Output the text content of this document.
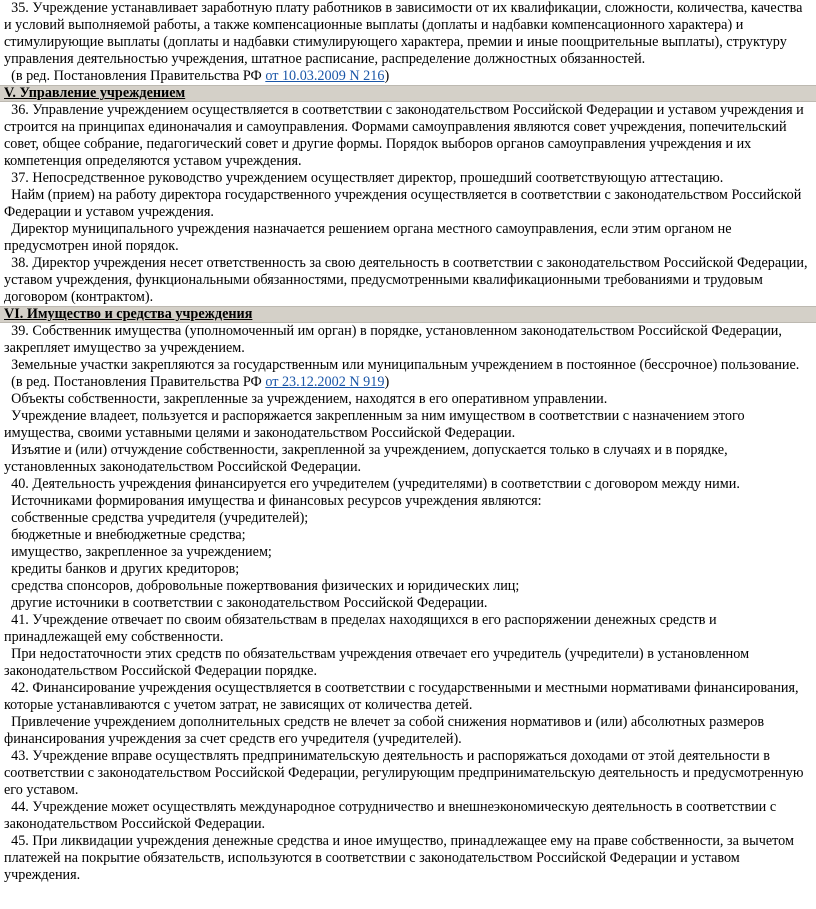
35. Учреждение устанавливает заработную плату работников в зависимости от их квалификации, сложности, количества, качества и условий выполняемой работы, а также компенсационные выплаты (доплаты и надбавки компенсационного характера) и стимулирующие выплаты (доплаты и надбавки стимулирующего характера, премии и иные поощрительные выплаты), структуру управления деятельностью учреждения, штатное расписание, распределение должностных обязанностей.
(в ред. Постановления Правительства РФ от 10.03.2009 N 216)
V. Управление учреждением
36. Управление учреждением осуществляется в соответствии с законодательством Российской Федерации и уставом учреждения и строится на принципах единоначалия и самоуправления. Формами самоуправления являются совет учреждения, попечительский совет, общее собрание, педагогический совет и другие формы. Порядок выборов органов самоуправления учреждения и их компетенция определяются уставом учреждения.
37. Непосредственное руководство учреждением осуществляет директор, прошедший соответствующую аттестацию.
Найм (прием) на работу директора государственного учреждения осуществляется в соответствии с законодательством Российской Федерации и уставом учреждения.
Директор муниципального учреждения назначается решением органа местного самоуправления, если этим органом не предусмотрен иной порядок.
38. Директор учреждения несет ответственность за свою деятельность в соответствии с законодательством Российской Федерации, уставом учреждения, функциональными обязанностями, предусмотренными квалификационными требованиями и трудовым договором (контрактом).
VI. Имущество и средства учреждения
39. Собственник имущества (уполномоченный им орган) в порядке, установленном законодательством Российской Федерации, закрепляет имущество за учреждением.
Земельные участки закрепляются за государственным или муниципальным учреждением в постоянное (бессрочное) пользование.
(в ред. Постановления Правительства РФ от 23.12.2002 N 919)
Объекты собственности, закрепленные за учреждением, находятся в его оперативном управлении.
Учреждение владеет, пользуется и распоряжается закрепленным за ним имуществом в соответствии с назначением этого имущества, своими уставными целями и законодательством Российской Федерации.
Изъятие и (или) отчуждение собственности, закрепленной за учреждением, допускается только в случаях и в порядке, установленных законодательством Российской Федерации.
40. Деятельность учреждения финансируется его учредителем (учредителями) в соответствии с договором между ними.
Источниками формирования имущества и финансовых ресурсов учреждения являются:
собственные средства учредителя (учредителей);
бюджетные и внебюджетные средства;
имущество, закрепленное за учреждением;
кредиты банков и других кредиторов;
средства спонсоров, добровольные пожертвования физических и юридических лиц;
другие источники в соответствии с законодательством Российской Федерации.
41. Учреждение отвечает по своим обязательствам в пределах находящихся в его распоряжении денежных средств и принадлежащей ему собственности.
При недостаточности этих средств по обязательствам учреждения отвечает его учредитель (учредители) в установленном законодательством Российской Федерации порядке.
42. Финансирование учреждения осуществляется в соответствии с государственными и местными нормативами финансирования, которые устанавливаются с учетом затрат, не зависящих от количества детей.
Привлечение учреждением дополнительных средств не влечет за собой снижения нормативов и (или) абсолютных размеров финансирования учреждения за счет средств его учредителя (учредителей).
43. Учреждение вправе осуществлять предпринимательскую деятельность и распоряжаться доходами от этой деятельности в соответствии с законодательством Российской Федерации, регулирующим предпринимательскую деятельность и предусмотренную его уставом.
44. Учреждение может осуществлять международное сотрудничество и внешнеэкономическую деятельность в соответствии с законодательством Российской Федерации.
45. При ликвидации учреждения денежные средства и иное имущество, принадлежащее ему на праве собственности, за вычетом платежей на покрытие обязательств, используются в соответствии с законодательством Российской Федерации и уставом учреждения.
